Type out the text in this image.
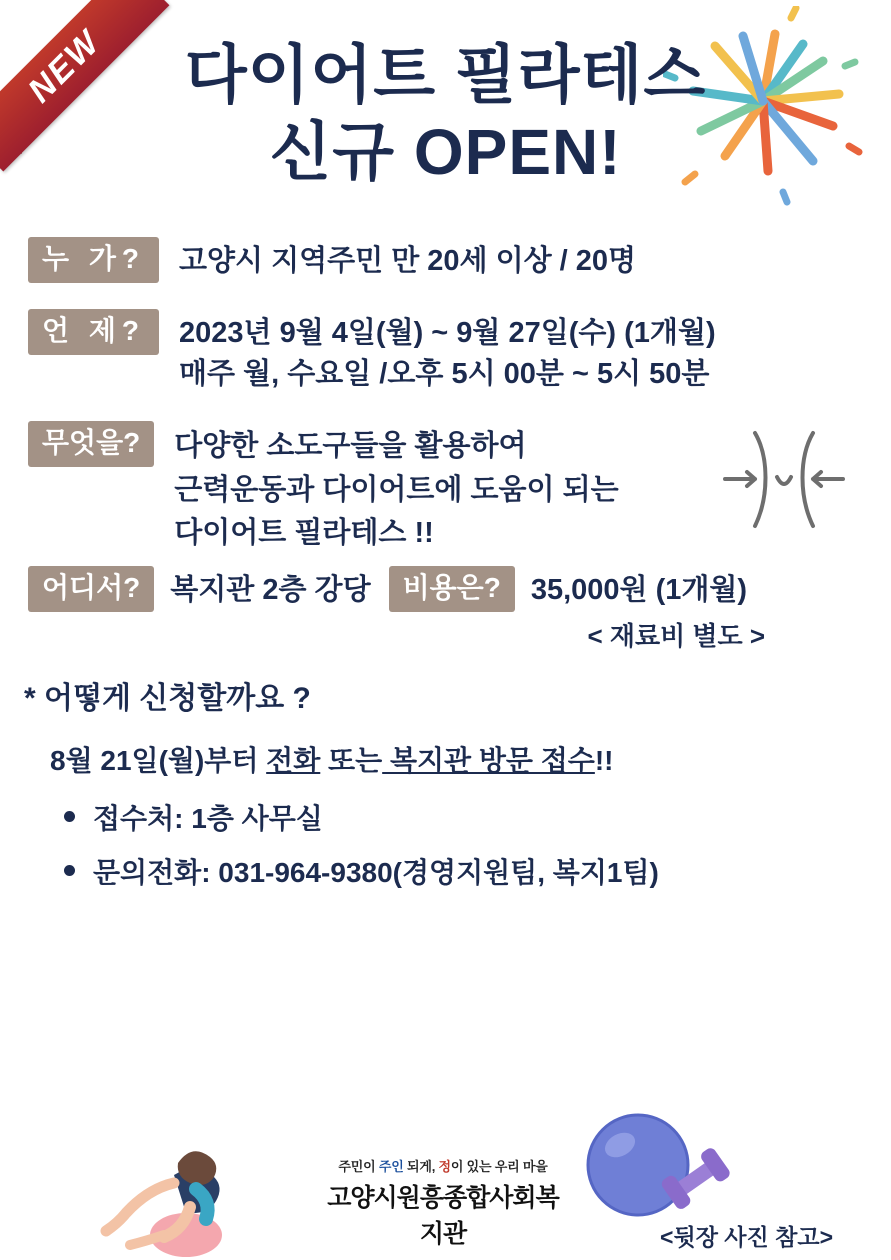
NEW	다이어트 필라테스
신규 OPEN!
누 가?	고양시 지역주민 만 20세 이상 / 20명
언 제?	2023년 9월 4일(월) ~ 9월 27일(수) (1개월)
매주 월, 수요일 /오후 5시 00분 ~ 5시 50분
무엇을?	다양한 소도구들을 활용하여
근력운동과 다이어트에 도움이 되는
다이어트 필라테스 !!
어디서?	복지관 2층 강당	비용은?	35,000원 (1개월)
< 재료비 별도 >
* 어떻게 신청할까요 ?
8월 21일(월)부터 전화 또는 복지관 방문 접수!!
접수처: 1층 사무실
문의전화: 031-964-9380(경영지원팀, 복지1팀)
주민이 주인 되게, 정이 있는 우리 마을
고양시원흥종합사회복지관	<뒷장 사진 참고>
